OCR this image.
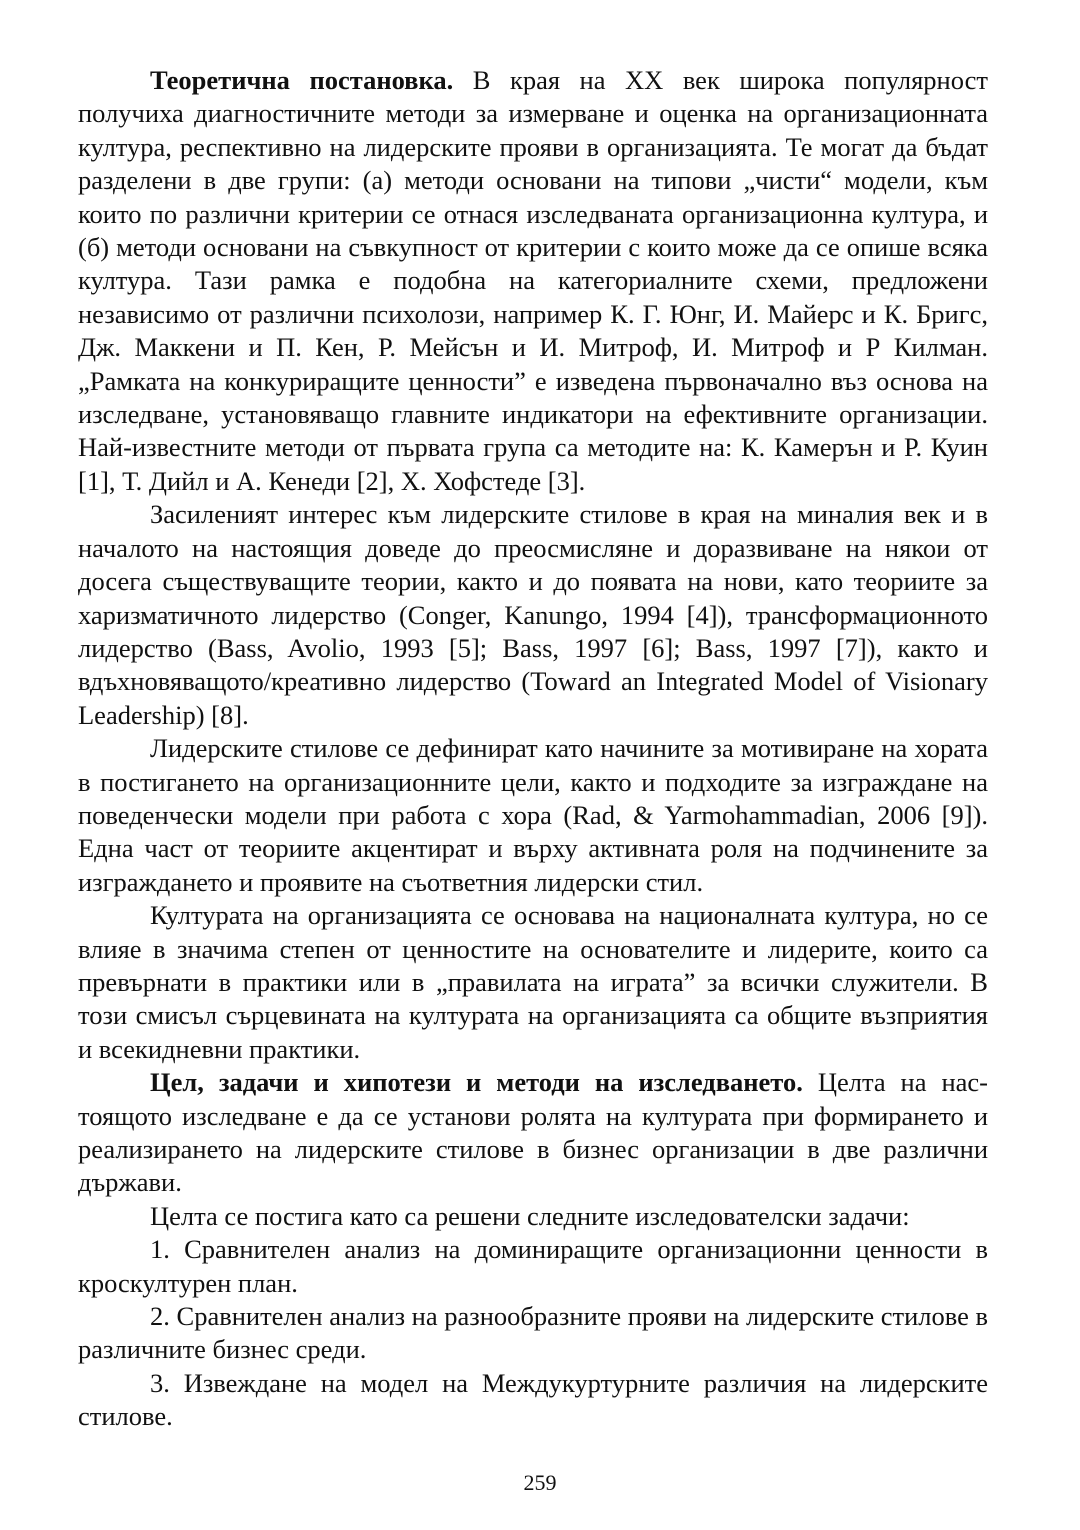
Теоретична постановка. В края на XX век широка популярност получиха диагностичните методи за измерване и оценка на организационната култура, респективно на лидерските прояви в организацията. Те могат да бъдат разделени в две групи: (а) методи основани на типови „чисти“ модели, към които по различни критерии се отнася изследваната организационна култура, и (б) методи основани на съвкупност от критерии с които може да се опише всяка култура. Тази рамка е подобна на категориалните схеми, предложени независимо от различни психолози, например К. Г. Юнг, И. Майерс и К. Бригс, Дж. Маккени и П. Кен, Р. Мейсън и И. Митроф, И. Митроф и Р Килман. „Рамката на конкуриращите ценности” е изведена първоначално въз основа на изследване, установяващо главните индикатори на ефективните организации. Най-известните методи от първата група са методите на: К. Камерън и Р. Куин [1], Т. Дийл и А. Кенеди [2], Х. Хофстеде [3].

Засиленият интерес към лидерските стилове в края на миналия век и в началото на настоящия доведе до преосмисляне и доразвиване на някои от досега съществуващите теории, както и до появата на нови, като теориите за харизматичното лидерство (Conger, Kanungo, 1994 [4]), трансформационното лидерство (Bass, Avolio, 1993 [5]; Bass, 1997 [6]; Bass, 1997 [7]), както и вдъхновяващото/креативно лидерство (Toward an Integrated Model of Visionary Leadership) [8].

Лидерските стилове се дефинират като начините за мотивиране на хората в постигането на организационните цели, както и подходите за изграждане на поведенчески модели при работа с хора (Rad, & Yarmohammadian, 2006 [9]). Една част от теориите акцентират и върху активната роля на подчинените за изграждането и проявите на съответния лидерски стил.

Културата на организацията се основава на националната култура, но се влияе в значима степен от ценностите на основателите и лидерите, които са превърнати в практики или в „правилата на играта” за всички служители. В този смисъл сърцевината на културата на организацията са общите възприятия и всекидневни практики.

Цел, задачи и хипотези и методи на изследването. Целта на настоящото изследване е да се установи ролята на културата при формирането и реализирането на лидерските стилове в бизнес организации в две различни държави.

Целта се постига като са решени следните изследователски задачи:

1. Сравнителен анализ на доминиращите организационни ценности в кроскултурен план.

2. Сравнителен анализ на разнообразните прояви на лидерските стилове в различните бизнес среди.

3. Извеждане на модел на Междукуртурните различия на лидерските стилове.

259
